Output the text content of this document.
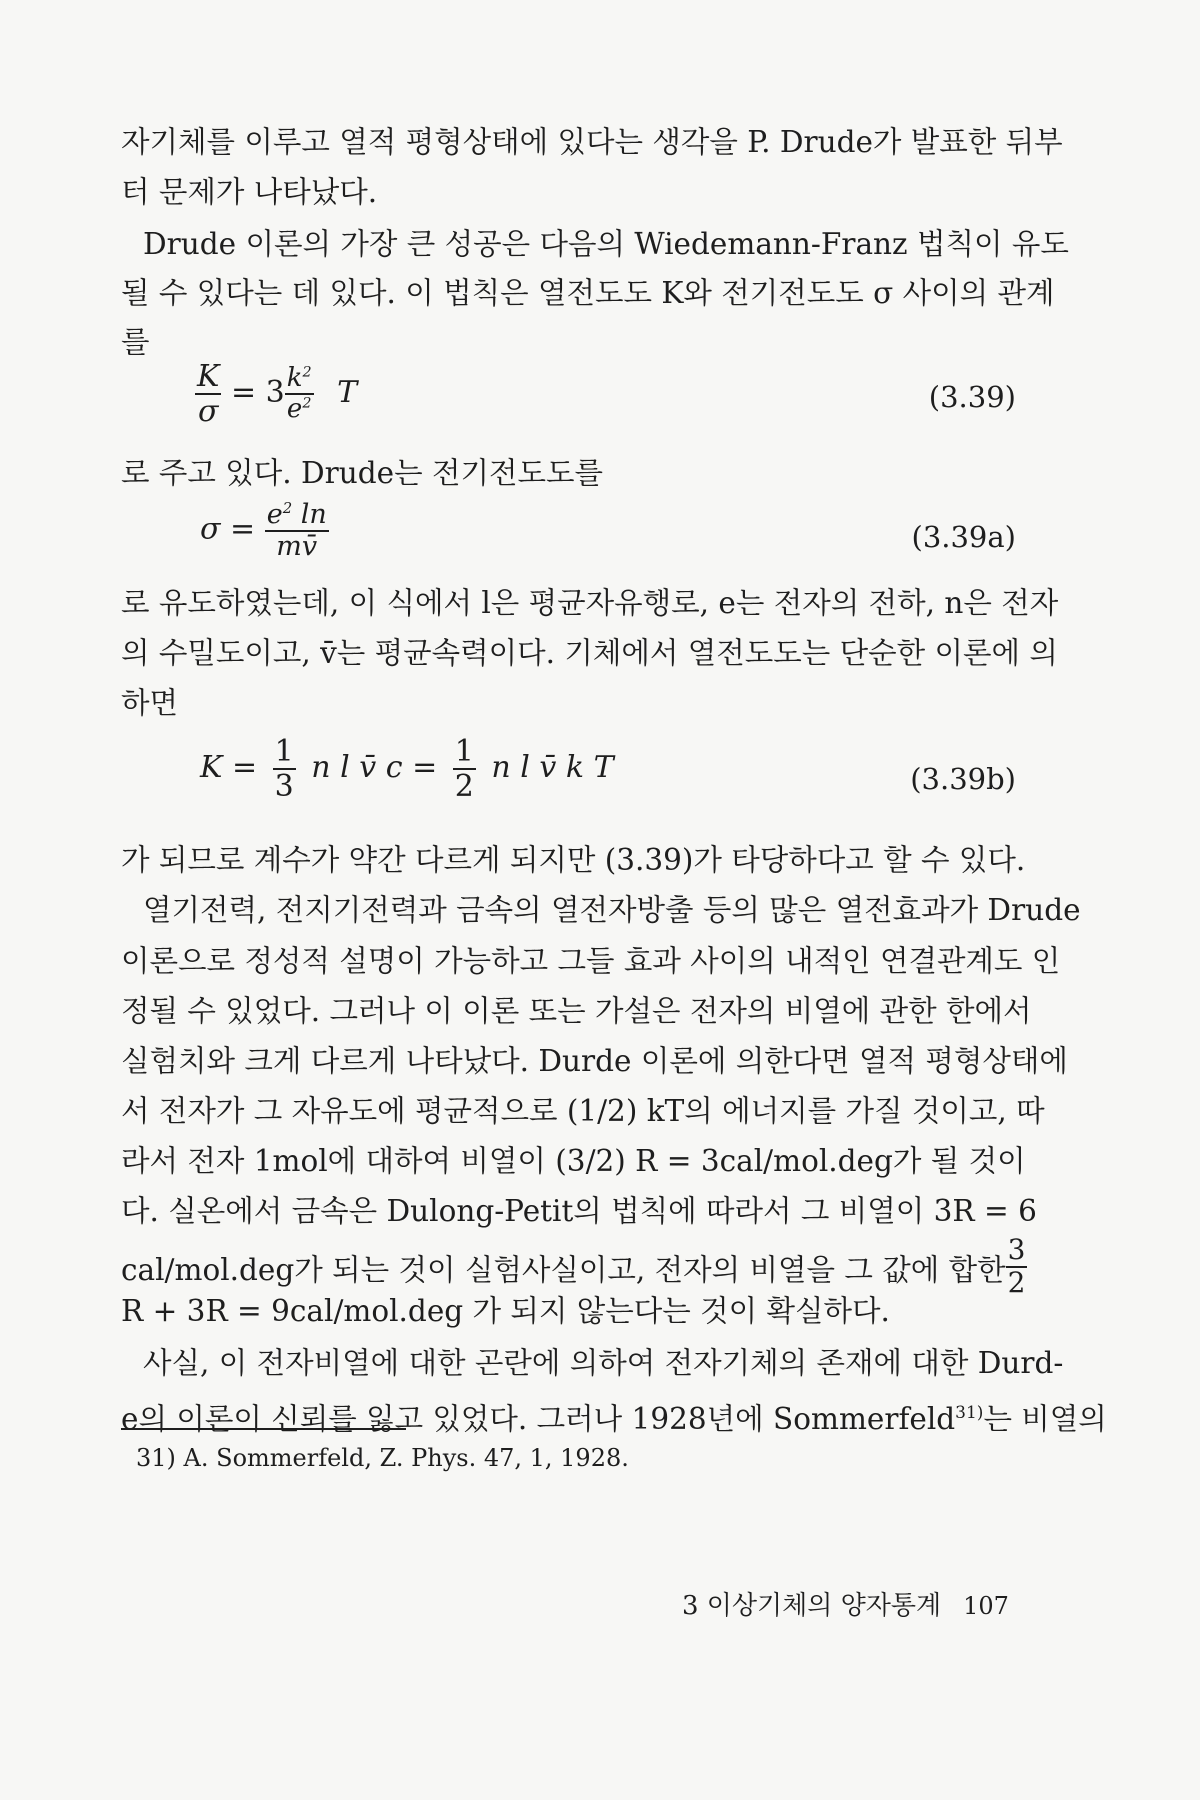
자기체를 이루고 열적 평형상태에 있다는 생각을 P. Drude가 발표한 뒤부
터 문제가 나타났다.
Drude 이론의 가장 큰 성공은 다음의 Wiedemann-Franz 법칙이 유도
될 수 있다는 데 있다. 이 법칙은 열전도도 K와 전기전도도 σ 사이의 관계
를
$\frac{K}{\sigma} = 3 \frac{k^2}{e^2}$ T	(3.39)
로 주고 있다. Drude는 전기전도도를
$\sigma = \frac{e^2 \ln}{mv̄}$	(3.39a)
로 유도하였는데, 이 식에서 l은 평균자유행로, e는 전자의 전하, n은 전자
의 수밀도이고, v̄는 평균속력이다. 기체에서 열전도도는 단순한 이론에 의
하면
$K = \frac{1}{3}$ n l v̄ $c = \frac{1}{2}$ n l v̄ k T	(3.39b)
가 되므로 계수가 약간 다르게 되지만 (3.39)가 타당하다고 할 수 있다.
열기전력, 전지기전력과 금속의 열전자방출 등의 많은 열전효과가 Drude
이론으로 정성적 설명이 가능하고 그들 효과 사이의 내적인 연결관계도 인
정될 수 있었다. 그러나 이 이론 또는 가설은 전자의 비열에 관한 한에서
실험치와 크게 다르게 나타났다. Durde 이론에 의한다면 열적 평형상태에
서 전자가 그 자유도에 평균적으로 (1/2) kT의 에너지를 가질 것이고, 따
라서 전자 1mol에 대하여 비열이 (3/2) R = 3cal/mol.deg가 될 것이
다. 실온에서 금속은 Dulong-Petit의 법칙에 따라서 그 비열이 3R = 6
cal/mol.deg가 되는 것이 실험사실이고, 전자의 비열을 그 값에 합한 $\frac{3}{2}$
R + 3R = 9cal/mol.deg 가 되지 않는다는 것이 확실하다.
사실, 이 전자비열에 대한 곤란에 의하여 전자기체의 존재에 대한 Durd-
e의 이론이 신뢰를 잃고 있었다. 그러나 1928년에 Sommerfeld$^{31)}$는 비열의
31) A. Sommerfeld, Z. Phys. 47, 1, 1928.
3 이상기체의 양자통계 107
